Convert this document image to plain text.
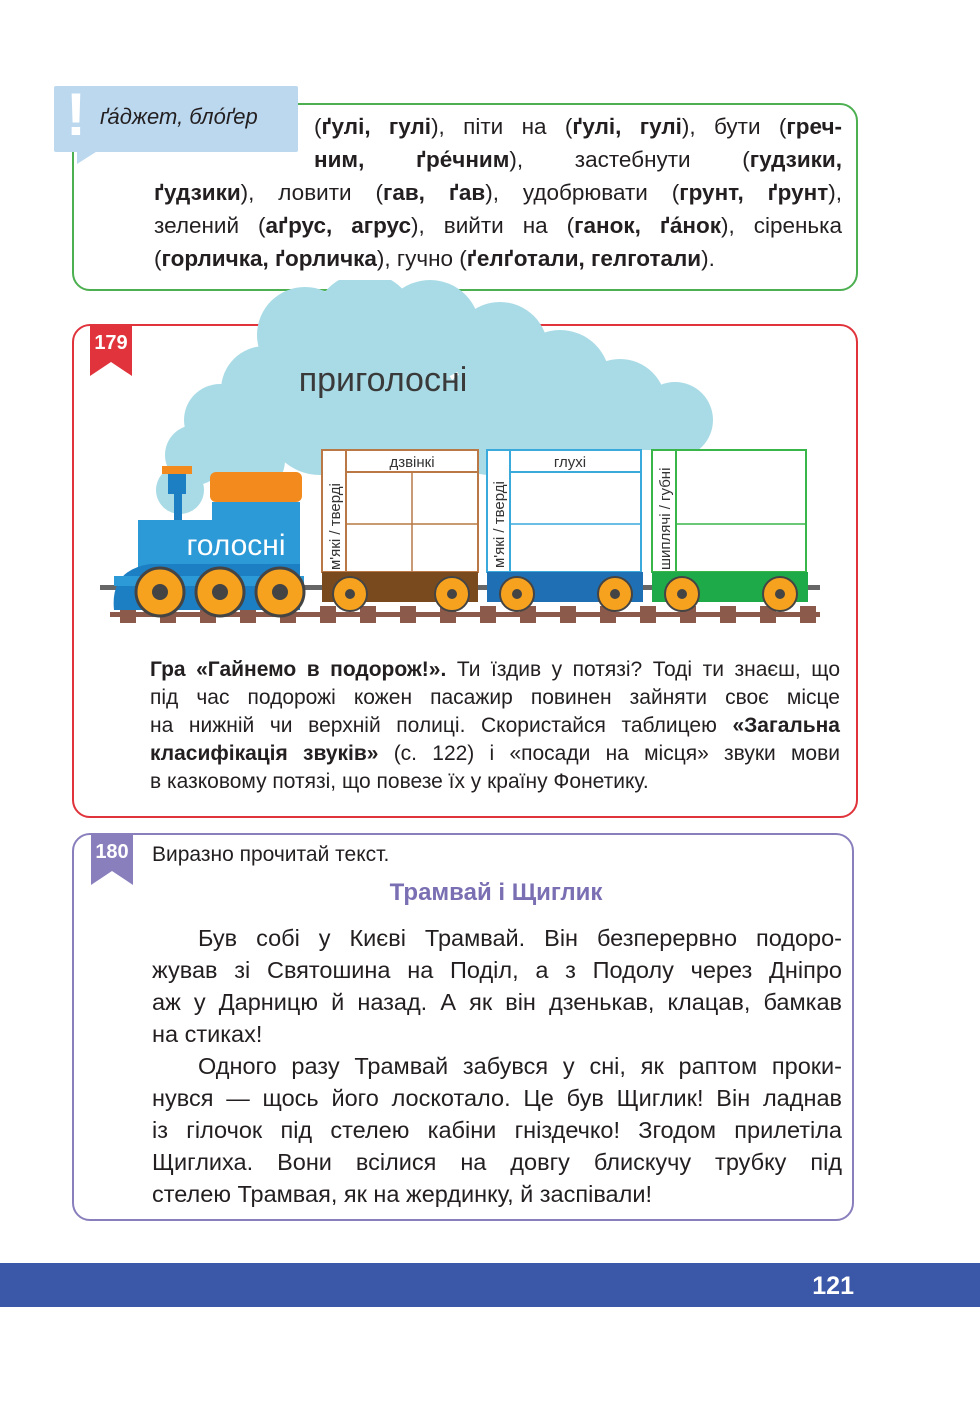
! ґа́джет, бло́ґер (ґулі, гулі), піти на (ґулі, гулі), бути (греч-
ним, ґре́чним), застебнути (гудзики,
ґудзики), ловити (гав, ґав), удобрювати (грунт, ґрунт),
зелений (аґрус, агрус), вийти на (ганок, ґа́нок), сіренька
(горличка, ґорличка), гучно (ґелґотали, гелготали).
179
приголосні
голосні
дзвінкі
м'які / тверді
глухі
м'які / тверді	шиплячі / губні
Гра «Гайнемо в подорож!». Ти їздив у потязі? Тоді ти знаєш, що
під час подорожі кожен пасажир повинен зайняти своє місце
на нижній чи верхній полиці. Скористайся таблицею «Загальна
класифікація звуків» (с. 122) і «посади на місця» звуки мови
в казковому потязі, що повезе їх у країну Фонетику.
180 Виразно прочитай текст.
Трамвай і Щиглик
Був собі у Києві Трамвай. Він безперервно подоро-
жував зі Святошина на Поділ, а з Подолу через Дніпро
аж у Дарницю й назад. А як він дзенькав, клацав, бамкав
на стиках!
Одного разу Трамвай забувся у сні, як раптом проки-
нувся — щось його лоскотало. Це був Щиглик! Він ладнав
із гілочок під стелею кабіни гніздечко! Згодом прилетіла
Щиглиха. Вони всілися на довгу блискучу трубку під
стелею Трамвая, як на жердинку, й заспівали!
121
